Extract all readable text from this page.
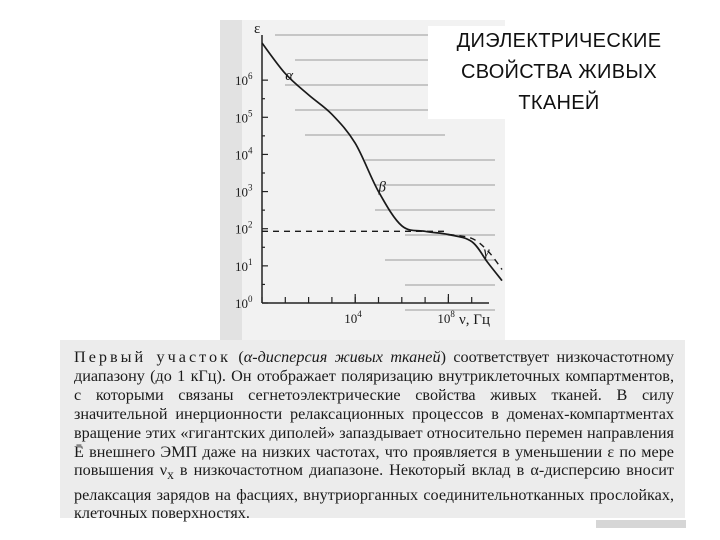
$10^0$
$10^1$
$10^2$
$10^3$
$10^4$
$10^5$
$10^6$
$10^4$	$10^8$
α
β
γ
ε
ν, Гц
ДИЭЛЕКТРИЧЕСКИЕ
СВОЙСТВА ЖИВЫХ
ТКАНЕЙ

Первый участок (α-дисперсия живых тканей) соответствует низкочастотному диапазону (до 1 кГц). Он отображает поляризацию внутриклеточных компартментов, с которыми связаны сегнетоэлектрические свойства живых тканей. В силу значительной инерционности релаксационных процессов в доменах-компартментах вращение этих «гигантских диполей» запаздывает относительно перемен направления Ē внешнего ЭМП даже на низких частотах, что проявляется в уменьшении ε по мере повышения $\nu_x$ в низкочастотном диапазоне. Некоторый вклад в α-дисперсию вносит релаксация зарядов на фасциях, внутриорганных соединительнотканных прослойках, клеточных поверхностях.
